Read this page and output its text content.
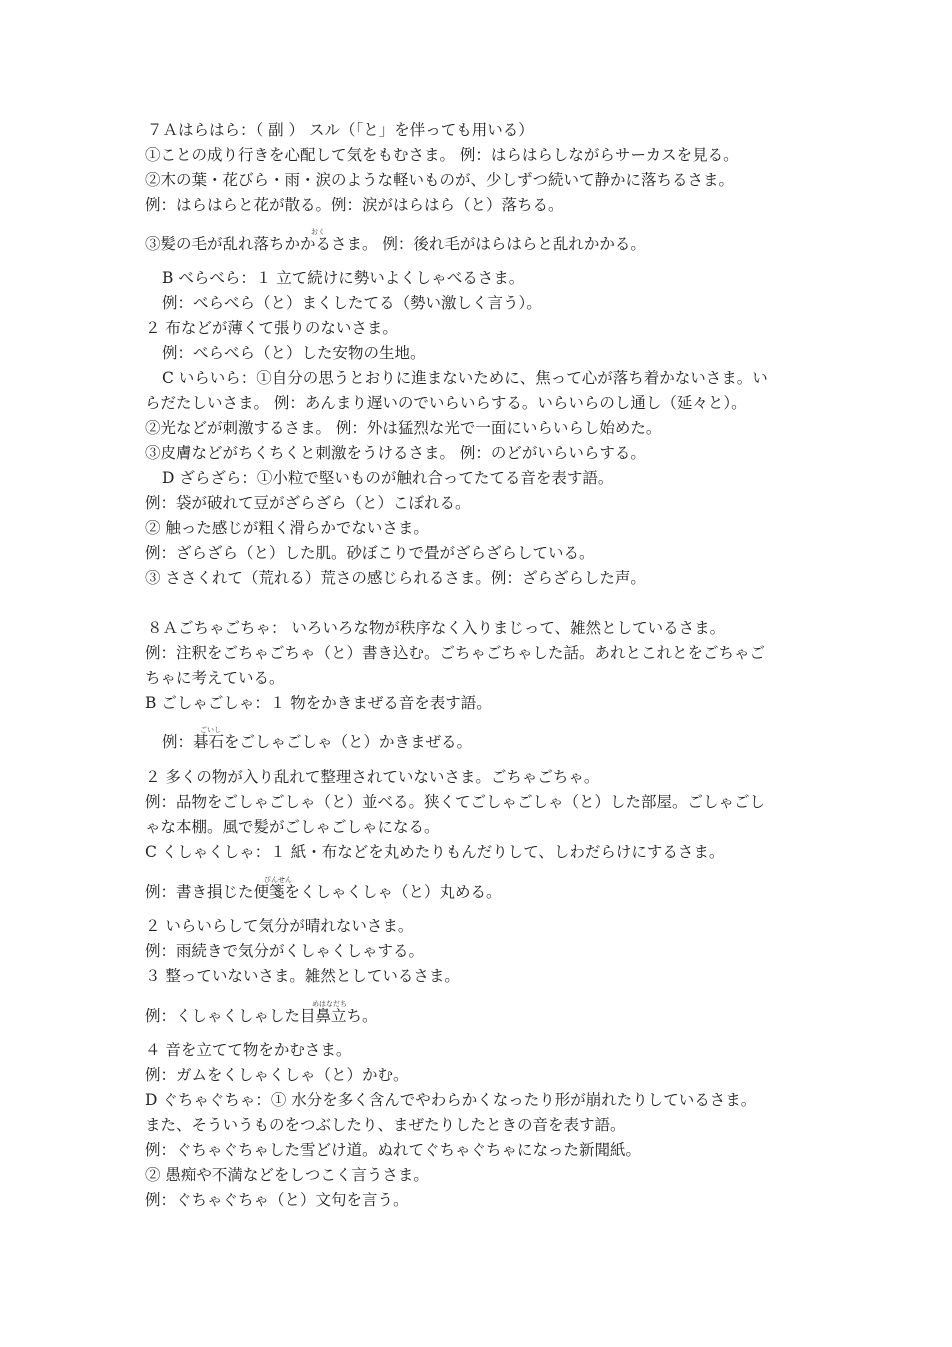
７Ａはらはら：（ 副 ） スル（「と」を伴っても用いる）
①ことの成り行きを心配して気をもむさま。 例：はらはらしながらサーカスを見る。
②木の葉・花びら・雨・涙のような軽いものが、少しずつ続いて静かに落ちるさま。
例：はらはらと花が散る。例：涙がはらはら（と）落ちる。
おく
③髪の毛が乱れ落ちかかるさま。 例：後れ毛がはらはらと乱れかかる。
B べらべら：１ 立て続けに勢いよくしゃべるさま。
例：べらべら（と）まくしたてる（勢い激しく言う）。
２ 布などが薄くて張りのないさま。
例：べらべら（と）した安物の生地。
C いらいら：①自分の思うとおりに進まないために、焦って心が落ち着かないさま。い
らだたしいさま。 例：あんまり遅いのでいらいらする。いらいらのし通し（延々と）。
②光などが刺激するさま。 例：外は猛烈な光で一面にいらいらし始めた。
③皮膚などがちくちくと刺激をうけるさま。 例：のどがいらいらする。
D ざらざら：①小粒で堅いものが触れ合ってたてる音を表す語。
例：袋が破れて豆がざらざら（と）こぼれる。
② 触った感じが粗く滑らかでないさま。
例：ざらざら（と）した肌。砂ぼこりで畳がざらざらしている。
③ ささくれて（荒れる）荒さの感じられるさま。例：ざらざらした声。
８Ａごちゃごちゃ： いろいろな物が秩序なく入りまじって、雑然としているさま。
例：注釈をごちゃごちゃ（と）書き込む。ごちゃごちゃした話。あれとこれとをごちゃご
ちゃに考えている。
B ごしゃごしゃ：１ 物をかきまぜる音を表す語。
ごいし
例：碁石をごしゃごしゃ（と）かきまぜる。
２ 多くの物が入り乱れて整理されていないさま。ごちゃごちゃ。
例：品物をごしゃごしゃ（と）並べる。狭くてごしゃごしゃ（と）した部屋。ごしゃごし
ゃな本棚。風で髪がごしゃごしゃになる。
C くしゃくしゃ：１ 紙・布などを丸めたりもんだりして、しわだらけにするさま。
びんせん
例：書き損じた便箋をくしゃくしゃ（と）丸める。
２ いらいらして気分が晴れないさま。
例：雨続きで気分がくしゃくしゃする。
３ 整っていないさま。雑然としているさま。
めはなだち
例：くしゃくしゃした目鼻立ち。
４ 音を立てて物をかむさま。
例：ガムをくしゃくしゃ（と）かむ。
D ぐちゃぐちゃ：① 水分を多く含んでやわらかくなったり形が崩れたりしているさま。
また、そういうものをつぶしたり、まぜたりしたときの音を表す語。
例：ぐちゃぐちゃした雪どけ道。ぬれてぐちゃぐちゃになった新聞紙。
② 愚痴や不満などをしつこく言うさま。
例：ぐちゃぐちゃ（と）文句を言う。
